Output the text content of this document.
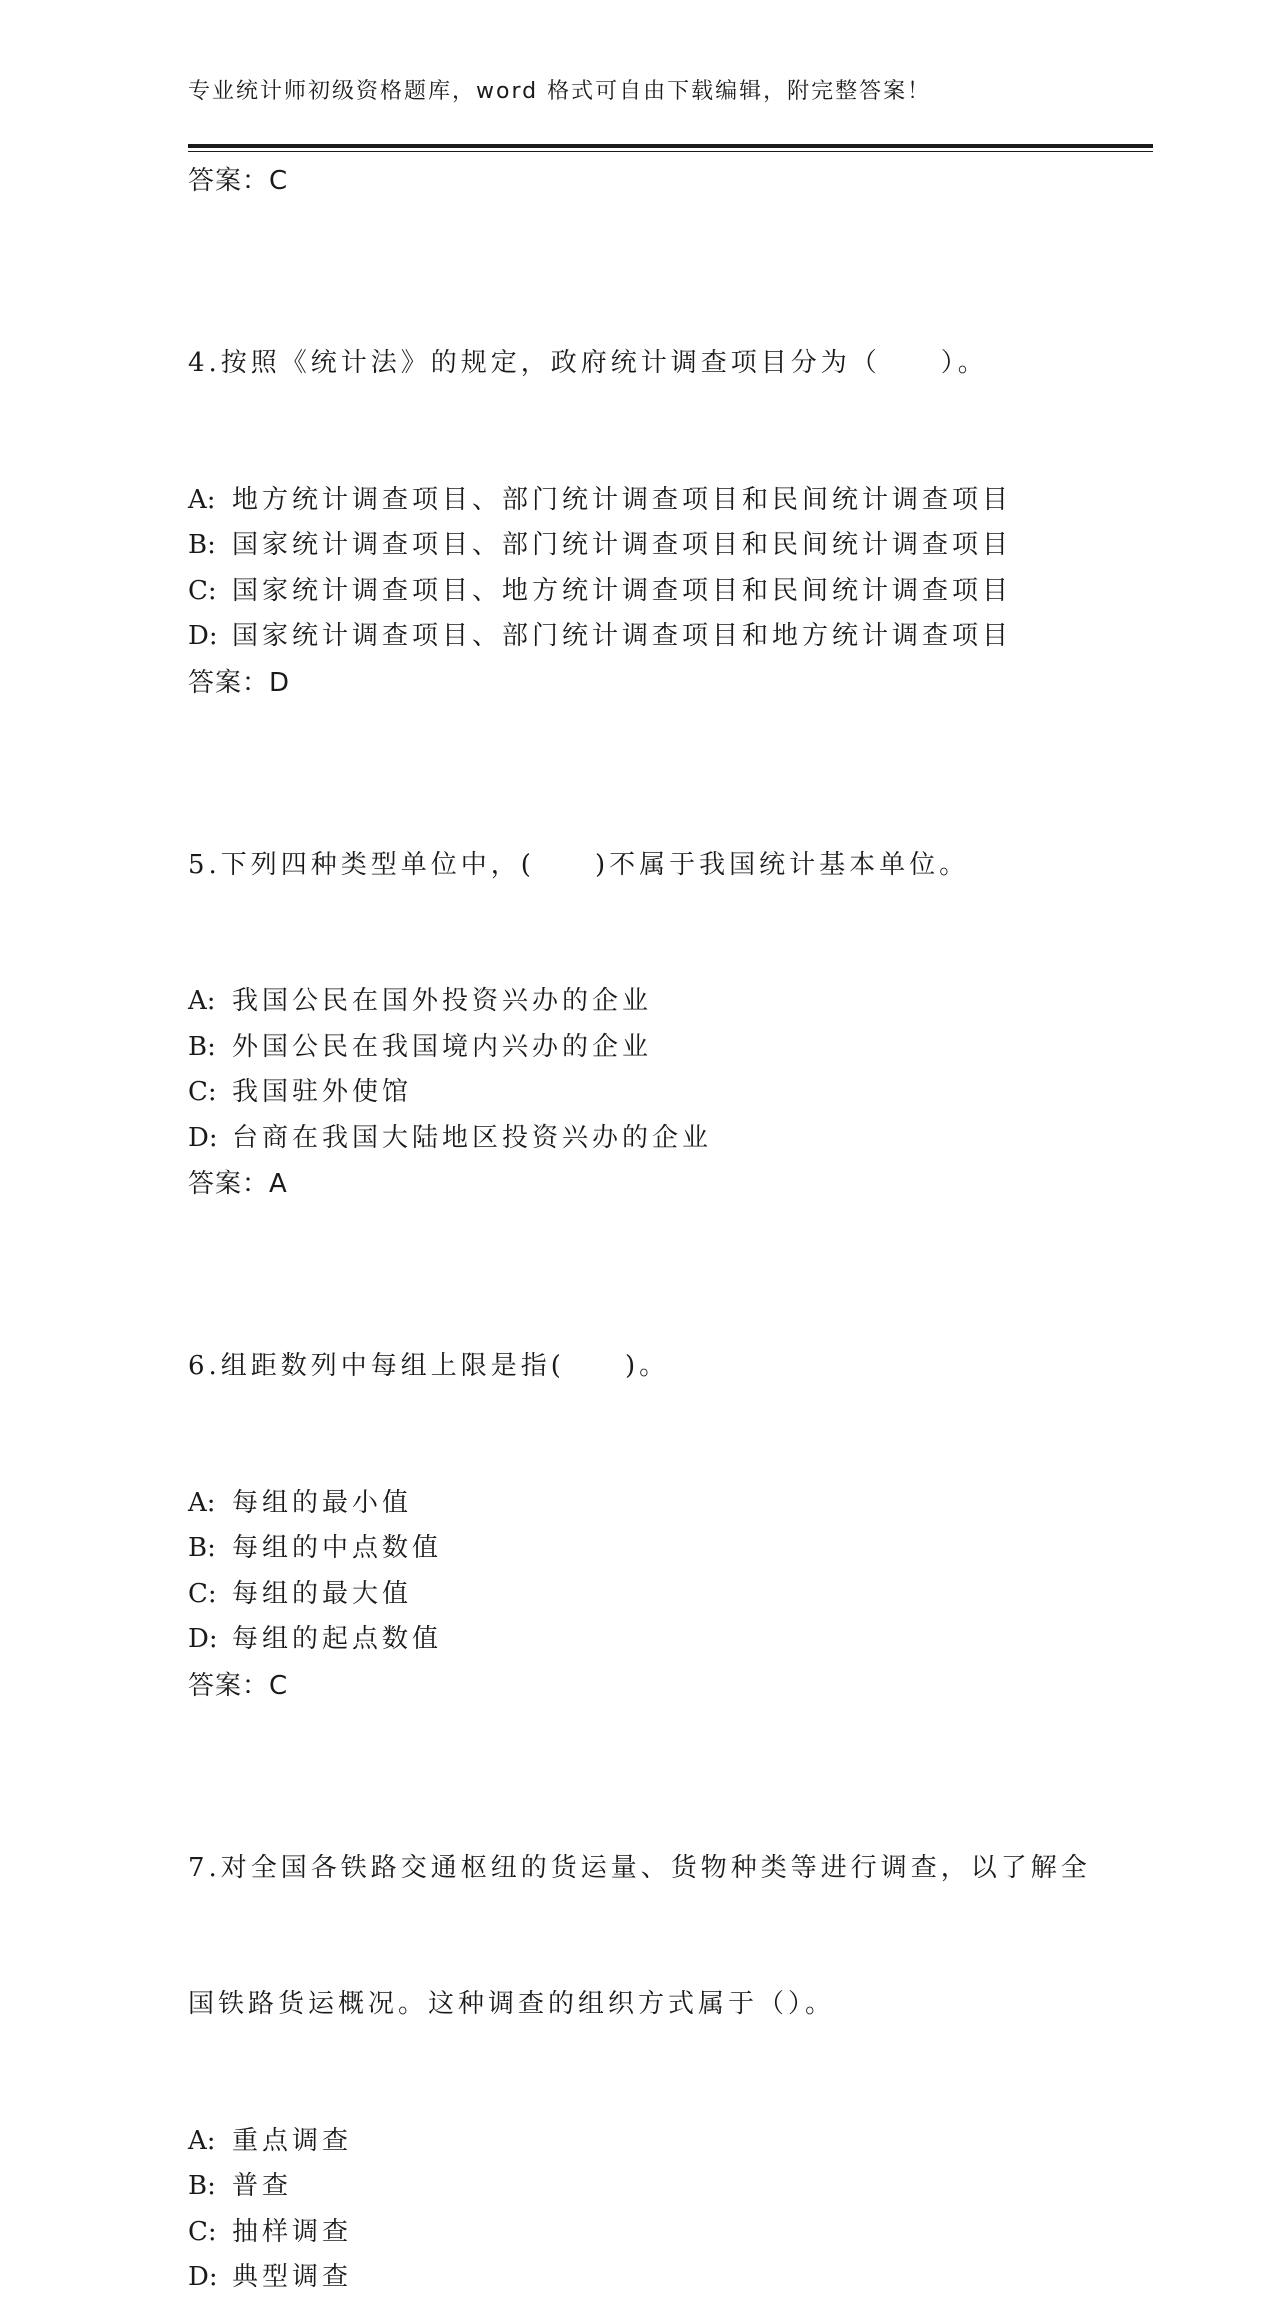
专业统计师初级资格题库，word 格式可自由下载编辑，附完整答案！
答案：C

4.按照《统计法》的规定，政府统计调查项目分为（　　）。

A: 地方统计调查项目、部门统计调查项目和民间统计调查项目
B: 国家统计调查项目、部门统计调查项目和民间统计调查项目
C: 国家统计调查项目、地方统计调查项目和民间统计调查项目
D: 国家统计调查项目、部门统计调查项目和地方统计调查项目
答案：D

5.下列四种类型单位中，(　　)不属于我国统计基本单位。

A: 我国公民在国外投资兴办的企业
B: 外国公民在我国境内兴办的企业
C: 我国驻外使馆
D: 台商在我国大陆地区投资兴办的企业
答案：A

6.组距数列中每组上限是指(　　)。

A: 每组的最小值
B: 每组的中点数值
C: 每组的最大值
D: 每组的起点数值
答案：C

7.对全国各铁路交通枢纽的货运量、货物种类等进行调查，以了解全

国铁路货运概况。这种调查的组织方式属于（）。

A: 重点调查
B: 普查
C: 抽样调查
D: 典型调查
